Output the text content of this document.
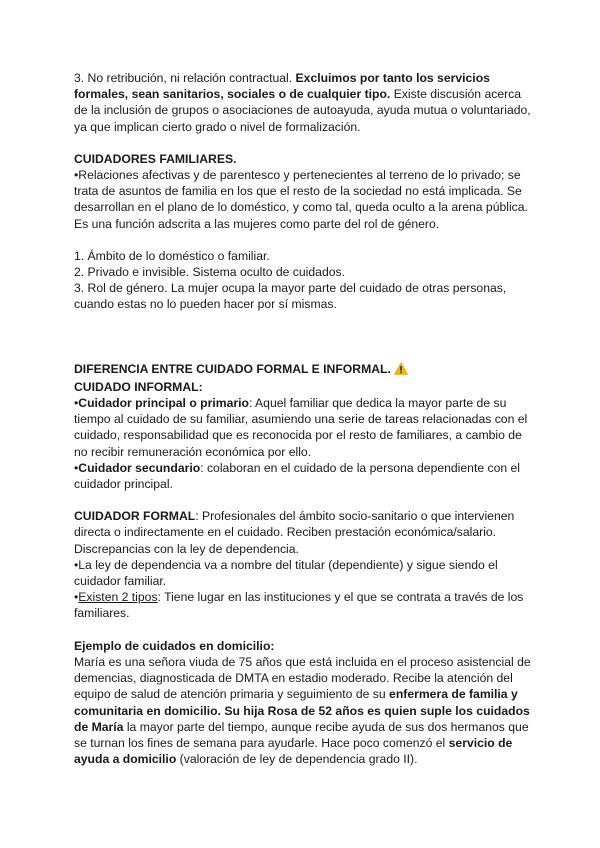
3. No retribución, ni relación contractual. Excluimos por tanto los servicios formales, sean sanitarios, sociales o de cualquier tipo. Existe discusión acerca de la inclusión de grupos o asociaciones de autoayuda, ayuda mutua o voluntariado, ya que implican cierto grado o nivel de formalización.

CUIDADORES FAMILIARES.

•Relaciones afectivas y de parentesco y pertenecientes al terreno de lo privado; se trata de asuntos de familia en los que el resto de la sociedad no está implicada. Se desarrollan en el plano de lo doméstico, y como tal, queda oculto a la arena pública. Es una función adscrita a las mujeres como parte del rol de género.

1. Ámbito de lo doméstico o familiar.

2. Privado e invisible. Sistema oculto de cuidados.

3. Rol de género. La mujer ocupa la mayor parte del cuidado de otras personas, cuando estas no lo pueden hacer por sí mismas.

DIFERENCIA ENTRE CUIDADO FORMAL E INFORMAL.

CUIDADO INFORMAL:

•Cuidador principal o primario: Aquel familiar que dedica la mayor parte de su tiempo al cuidado de su familiar, asumiendo una serie de tareas relacionadas con el cuidado, responsabilidad que es reconocida por el resto de familiares, a cambio de no recibir remuneración económica por ello.

•Cuidador secundario: colaboran en el cuidado de la persona dependiente con el cuidador principal.

CUIDADOR FORMAL: Profesionales del ámbito socio-sanitario o que intervienen directa o indirectamente en el cuidado. Reciben prestación económica/salario. Discrepancias con la ley de dependencia.

•La ley de dependencia va a nombre del titular (dependiente) y sigue siendo el cuidador familiar.

•Existen 2 tipos: Tiene lugar en las instituciones y el que se contrata a través de los familiares.

Ejemplo de cuidados en domicilio:

María es una señora viuda de 75 años que está incluida en el proceso asistencial de demencias, diagnosticada de DMTA en estadio moderado. Recibe la atención del equipo de salud de atención primaria y seguimiento de su enfermera de familia y comunitaria en domicilio. Su hija Rosa de 52 años es quien suple los cuidados de María la mayor parte del tiempo, aunque recibe ayuda de sus dos hermanos que se turnan los fines de semana para ayudarle. Hace poco comenzó el servicio de ayuda a domicilio (valoración de ley de dependencia grado II).
